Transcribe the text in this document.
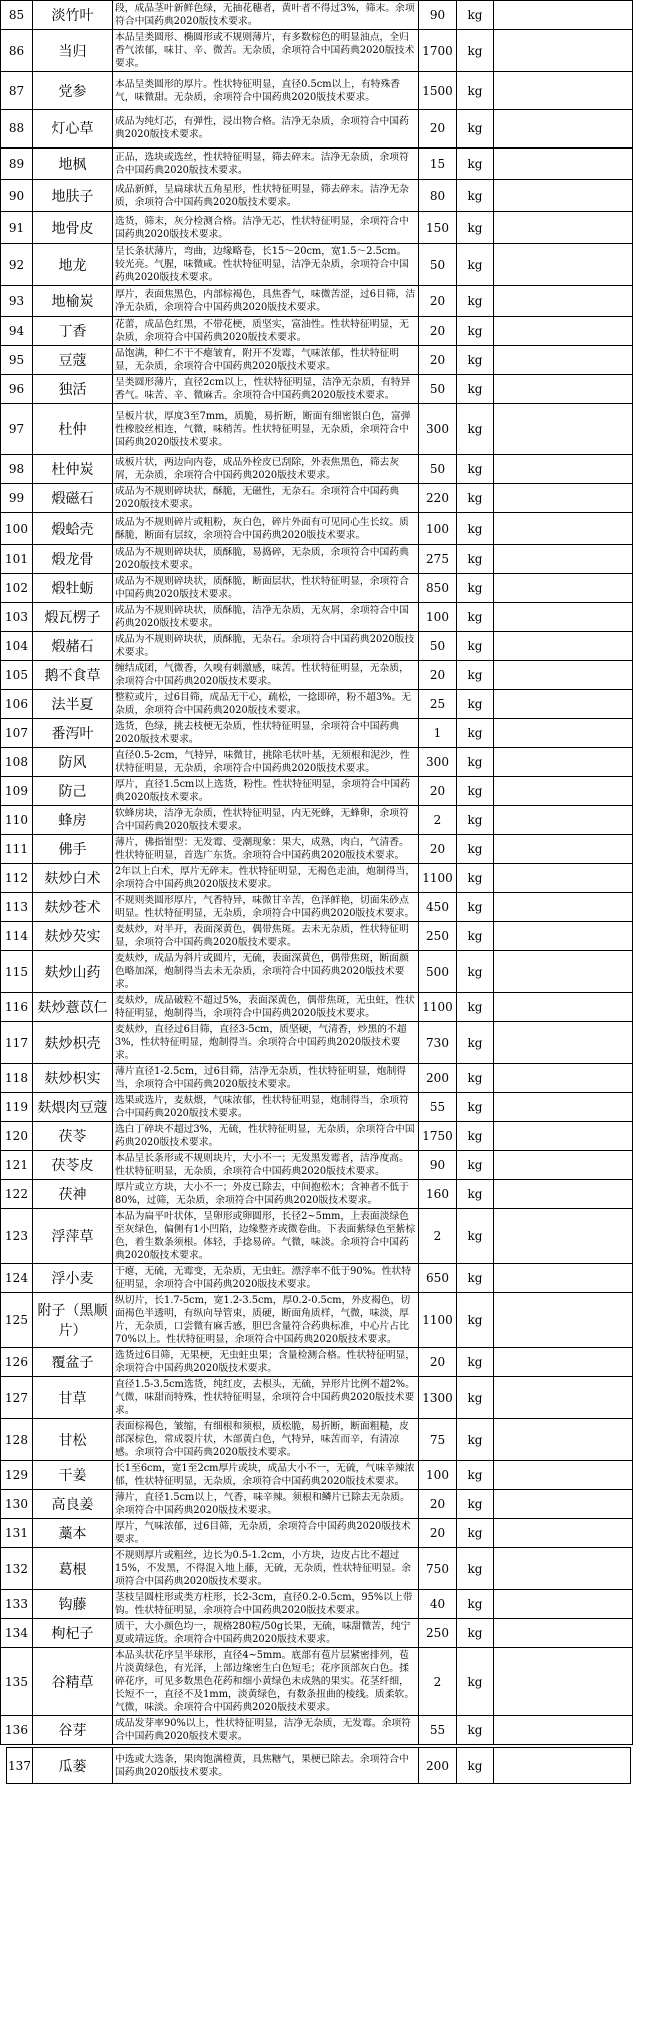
85	淡竹叶	段，成品茎叶新鲜色绿，无抽花穗者，黄叶者不得过3%，筛末。余项符合中国药典2020版技术要求。	90	kg	
86	当归	本品呈类圆形、椭圆形或不规则薄片，有多数棕色的明显油点，全归香气浓郁，味甘、辛、微苦。无杂质，余项符合中国药典2020版技术要求。	1700	kg	
87	党参	本品呈类圆形的厚片。性状特征明显，直径0.5cm以上，有特殊香气，味微甜。无杂质，余项符合中国药典2020版技术要求。	1500	kg	
88	灯心草	成品为纯灯芯，有弹性，浸出物合格。洁净无杂质，余项符合中国药典2020版技术要求。	20	kg	
89	地枫	正品，选块或选丝，性状特征明显，筛去碎末。洁净无杂质，余项符合中国药典2020版技术要求。	15	kg	
90	地肤子	成品新鲜，呈扁球状五角星形，性状特征明显，筛去碎末。洁净无杂质，余项符合中国药典2020版技术要求。	80	kg	
91	地骨皮	选货，筛末，灰分检测合格。洁净无芯，性状特征明显，余项符合中国药典2020版技术要求。	150	kg	
92	地龙	呈长条状薄片，弯曲，边缘略卷，长15～20cm，宽1.5～2.5cm。较光亮。气腥，味微咸。性状特征明显，洁净无杂质，余项符合中国药典2020版技术要求。	50	kg	
93	地榆炭	厚片，表面焦黑色，内部棕褐色，具焦香气，味微苦涩，过6目筛，洁净无杂质，余项符合中国药典2020版技术要求。	20	kg	
94	丁香	花蕾，成品色红黑，不带花梗，质坚实，富油性。性状特征明显，无杂质，余项符合中国药典2020版技术要求。	20	kg	
95	豆蔻	品饱满，种仁不干不瘪皱育，附开不发霉，气味浓郁，性状特征明显，无杂质，余项符合中国药典2020版技术要求。	20	kg	
96	独活	呈类圆形薄片，直径2cm以上，性状特征明显，洁净无杂质，有特异香气。味苦、辛、微麻舌。余项符合中国药典2020版技术要求。	50	kg	
97	杜仲	呈板片状，厚度3至7mm，质脆，易折断，断面有细密银白色，富弹性橡胶丝相连，气微，味稍苦。性状特征明显，无杂质，余项符合中国药典2020版技术要求。	300	kg	
98	杜仲炭	成板片状，两边向内卷，成品外栓皮已刮除，外表焦黑色，筛去灰屑，无杂质，余项符合中国药典2020版技术要求。	50	kg	
99	煅磁石	成品为不规则碎块状，酥脆，无磁性，无杂石。余项符合中国药典2020版技术要求。	220	kg	
100	煅蛤壳	成品为不规则碎片或粗粉，灰白色，碎片外面有可见同心生长纹。质酥脆，断面有层纹，余项符合中国药典2020版技术要求。	100	kg	
101	煅龙骨	成品为不规则碎块状，质酥脆，易捣碎，无杂质，余项符合中国药典2020版技术要求。	275	kg	
102	煅牡蛎	成品为不规则碎块状，质酥脆，断面层状，性状特征明显，余项符合中国药典2020版技术要求。	850	kg	
103	煅瓦楞子	成品为不规则碎块状，质酥脆，洁净无杂质，无灰屑，余项符合中国药典2020版技术要求。	100	kg	
104	煅赭石	成品为不规则碎块状，质酥脆，无杂石。余项符合中国药典2020版技术要求。	50	kg	
105	鹅不食草	缠结成团，气微香，久嗅有刺激感，味苦。性状特征明显，无杂质，余项符合中国药典2020版技术要求。	20	kg	
106	法半夏	整粒或片，过6目筛，成品无干心，疏松，一捻即碎，粉不超3%。无杂质，余项符合中国药典2020版技术要求。	25	kg	
107	番泻叶	选货，色绿，挑去枝梗无杂质，性状特征明显，余项符合中国药典2020版技术要求。	1	kg	
108	防风	直径0.5-2cm，气特异，味微甘，挑除毛状叶基，无须根和泥沙，性状特征明显，无杂质，余项符合中国药典2020版技术要求。	300	kg	
109	防己	厚片，直径1.5cm以上选货，粉性。性状特征明显，余项符合中国药典2020版技术要求。	20	kg	
110	蜂房	软蜂房块，洁净无杂质，性状特征明显，内无死蜂，无蜂卵，余项符合中国药典2020版技术要求。	2	kg	
111	佛手	薄片，佛指钳型：无发霉、受潮现象：果大，成熟，肉白，气清香。性状特征明显，首选广东货。余项符合中国药典2020版技术要求。	20	kg	
112	麸炒白术	2年以上白术，厚片无碎末。性状特征明显，无褐色走油，炮制得当，余项符合中国药典2020版技术要求。	1100	kg	
113	麸炒苍术	不规则类圆形厚片，气香特异，味微甘辛苦，色泽鲜艳，切面朱砂点明显。性状特征明显，无杂质，余项符合中国药典2020版技术要求。	450	kg	
114	麸炒芡实	麦麸炒，对半开，表面深黄色，偶带焦斑。去未无杂质，性状特征明显，余项符合中国药典2020版技术要求。	250	kg	
115	麸炒山药	麦麸炒，成品为斜片或圆片，无硫，表面深黄色，偶带焦斑，断面颜色略加深，炮制得当去未无杂质，余项符合中国药典2020版技术要求。	500	kg	
116	麸炒薏苡仁	麦麸炒，成品破粒不超过5%，表面深黄色，偶带焦斑，无虫蛀，性状特征明显，炮制得当，余项符合中国药典2020版技术要求。	1100	kg	
117	麸炒枳壳	麦麸炒，直径过6目筛，直径3-5cm，质坚硬，气清香，炒黑的不超3%，性状特征明显，炮制得当。余项符合中国药典2020版技术要求。	730	kg	
118	麸炒枳实	薄片直径1-2.5cm，过6目筛，洁净无杂质，性状特征明显，炮制得当，余项符合中国药典2020版技术要求。	200	kg	
119	麸煨肉豆蔻	选果或选片，麦麸煨，气味浓郁，性状特征明显，炮制得当，余项符合中国药典2020版技术要求。	55	kg	
120	茯苓	选白丁碎块不超过3%，无硫，性状特征明显，无杂质，余项符合中国药典2020版技术要求。	1750	kg	
121	茯苓皮	本品呈长条形或不规则块片，大小不一；无发黑发霉者，洁净度高。性状特征明显，无杂质，余项符合中国药典2020版技术要求。	90	kg	
122	茯神	厚片或立方块，大小不一；外皮已除去，中间抱松木；含神者不低于80%，过筛，无杂质，余项符合中国药典2020版技术要求。	160	kg	
123	浮萍草	本品为扁平叶状体，呈卵形或卵圆形，长径2~5mm，上表面淡绿色至灰绿色，偏侧有1小凹陷，边缘整齐或微卷曲。下表面紫绿色至紫棕色，着生数条须根。体轻，手捻易碎。气微，味淡。余项符合中国药典2020版技术要求。	2	kg	
124	浮小麦	干瘪，无硫，无霉变，无杂质，无虫蛀。漂浮率不低于90%。性状特征明显，余项符合中国药典2020版技术要求。	650	kg	
125	附子（黑顺片）	纵切片，长1.7-5cm，宽1.2-3.5cm，厚0.2-0.5cm，外皮褐色，切面褐色半透明，有纵向导管束，质硬，断面角质样，气微，味淡，厚片，无杂质，口尝微有麻舌感，胆巴含量符合药典标准，中心片占比70%以上。性状特征明显，余项符合中国药典2020版技术要求。	1100	kg	
126	覆盆子	选货过6目筛，无果梗，无虫蛀虫果；含量检测合格。性状特征明显，余项符合中国药典2020版技术要求。	20	kg	
127	甘草	直径1.5-3.5cm选货，纯红皮，去根头，无硫，异形片比例不超2%。气微，味甜而特殊，性状特征明显，余项符合中国药典2020版技术要求。	1300	kg	
128	甘松	表面棕褐色，皱缩，有细根和须根，质松脆，易折断，断面粗糙，皮部深棕色，常成裂片状，木部黄白色，气特异，味苦而辛，有清凉感。余项符合中国药典2020版技术要求。	75	kg	
129	干姜	长1至6cm，宽1至2cm厚片或块，成品大小不一，无硫，气味辛辣浓郁，性状特征明显，无杂质，余项符合中国药典2020版技术要求。	100	kg	
130	高良姜	薄片，直径1.5cm以上，气香，味辛辣。须根和鳞片已除去无杂质。余项符合中国药典2020版技术要求。	20	kg	
131	藁本	厚片，气味浓郁，过6目筛，无杂质，余项符合中国药典2020版技术要求。	20	kg	
132	葛根	不规则厚片或粗丝，边长为0.5-1.2cm，小方块，边皮占比不超过15%，不发黑，不得混入地上藤，无硫，无杂质，性状特征明显。余项符合中国药典2020版技术要求。	750	kg	
133	钩藤	茎枝呈圆柱形或类方柱形，长2-3cm，直径0.2-0.5cm，95%以上带钩。性状特征明显，余项符合中国药典2020版技术要求。	40	kg	
134	枸杞子	质干，大小颜色均一，规格280粒/50g长果，无硫，味甜微苦，纯宁夏或靖远货。余项符合中国药典2020版技术要求。	250	kg	
135	谷精草	本品头状花序呈半球形，直径4~5mm。底部有苞片层紧密排列，苞片淡黄绿色，有光泽，上部边缘密生白色短毛；花序顶部灰白色。揉碎花序，可见多数黑色花药和细小黄绿色未成熟的果实。花茎纤细，长短不一，直径不及1mm，淡黄绿色，有数条扭曲的棱线。质柔软。气微，味淡。余项符合中国药典2020版技术要求。	2	kg	
136	谷芽	成品发芽率90%以上，性状特征明显，洁净无杂质，无发霉。余项符合中国药典2020版技术要求。	55	kg	
137	瓜蒌	中选或大选条，果肉饱满橙黄，具焦糖气，果梗已除去。余项符合中国药典2020版技术要求。	200	kg	
